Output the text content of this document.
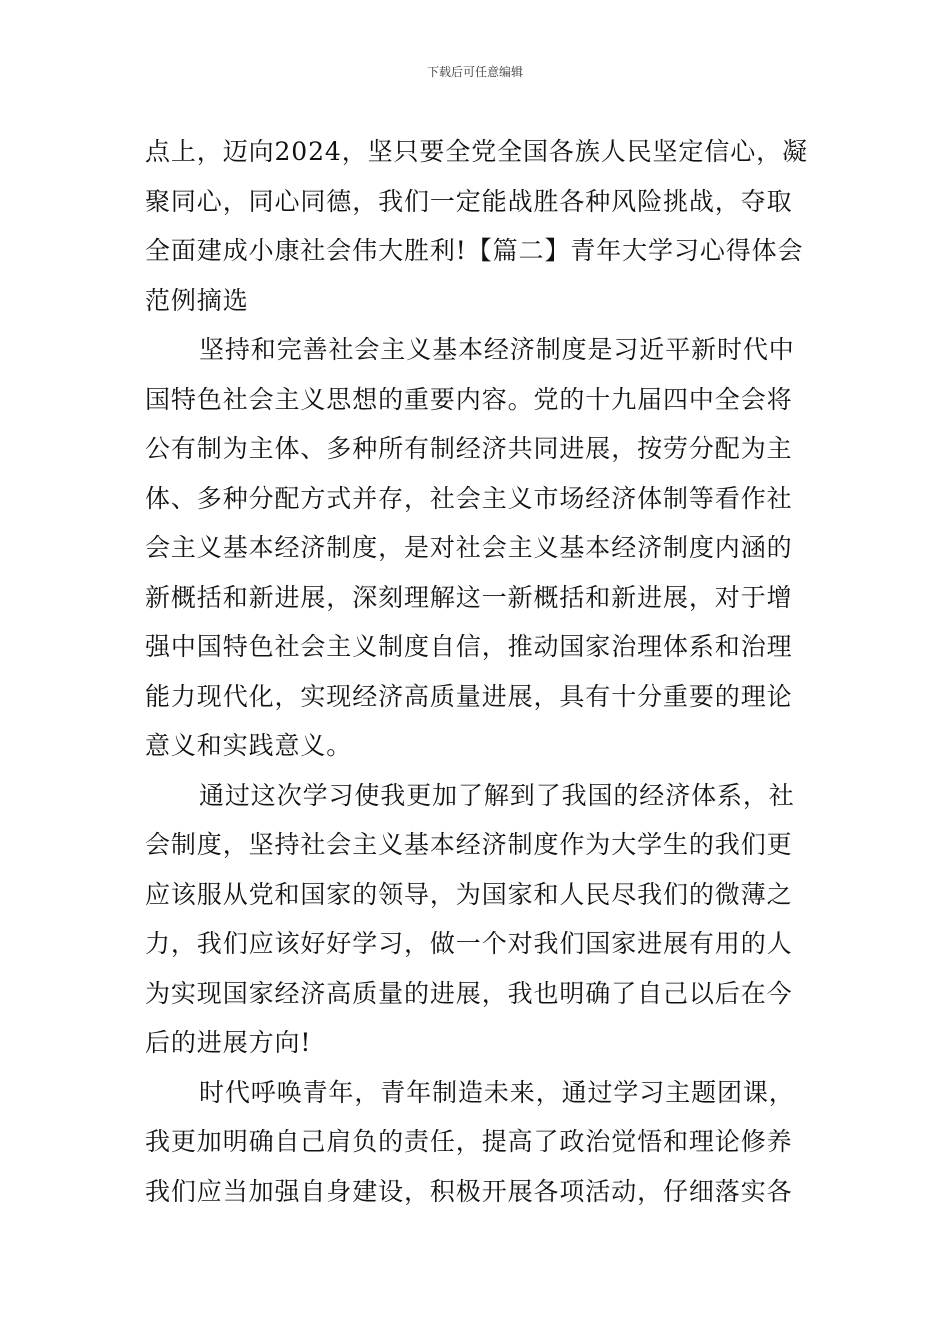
下载后可任意编辑

点上，迈向2024，坚只要全党全国各族人民坚定信心，凝
聚同心，同心同德，我们一定能战胜各种风险挑战，夺取
全面建成小康社会伟大胜利!【篇二】青年大学习心得体会
范例摘选

坚持和完善社会主义基本经济制度是习近平新时代中
国特色社会主义思想的重要内容。党的十九届四中全会将
公有制为主体、多种所有制经济共同进展，按劳分配为主
体、多种分配方式并存，社会主义市场经济体制等看作社
会主义基本经济制度，是对社会主义基本经济制度内涵的
新概括和新进展，深刻理解这一新概括和新进展，对于增
强中国特色社会主义制度自信，推动国家治理体系和治理
能力现代化，实现经济高质量进展，具有十分重要的理论
意义和实践意义。

通过这次学习使我更加了解到了我国的经济体系，社
会制度，坚持社会主义基本经济制度作为大学生的我们更
应该服从党和国家的领导，为国家和人民尽我们的微薄之
力，我们应该好好学习，做一个对我们国家进展有用的人
为实现国家经济高质量的进展，我也明确了自己以后在今
后的进展方向!

时代呼唤青年，青年制造未来，通过学习主题团课，
我更加明确自己肩负的责任，提高了政治觉悟和理论修养
我们应当加强自身建设，积极开展各项活动，仔细落实各
